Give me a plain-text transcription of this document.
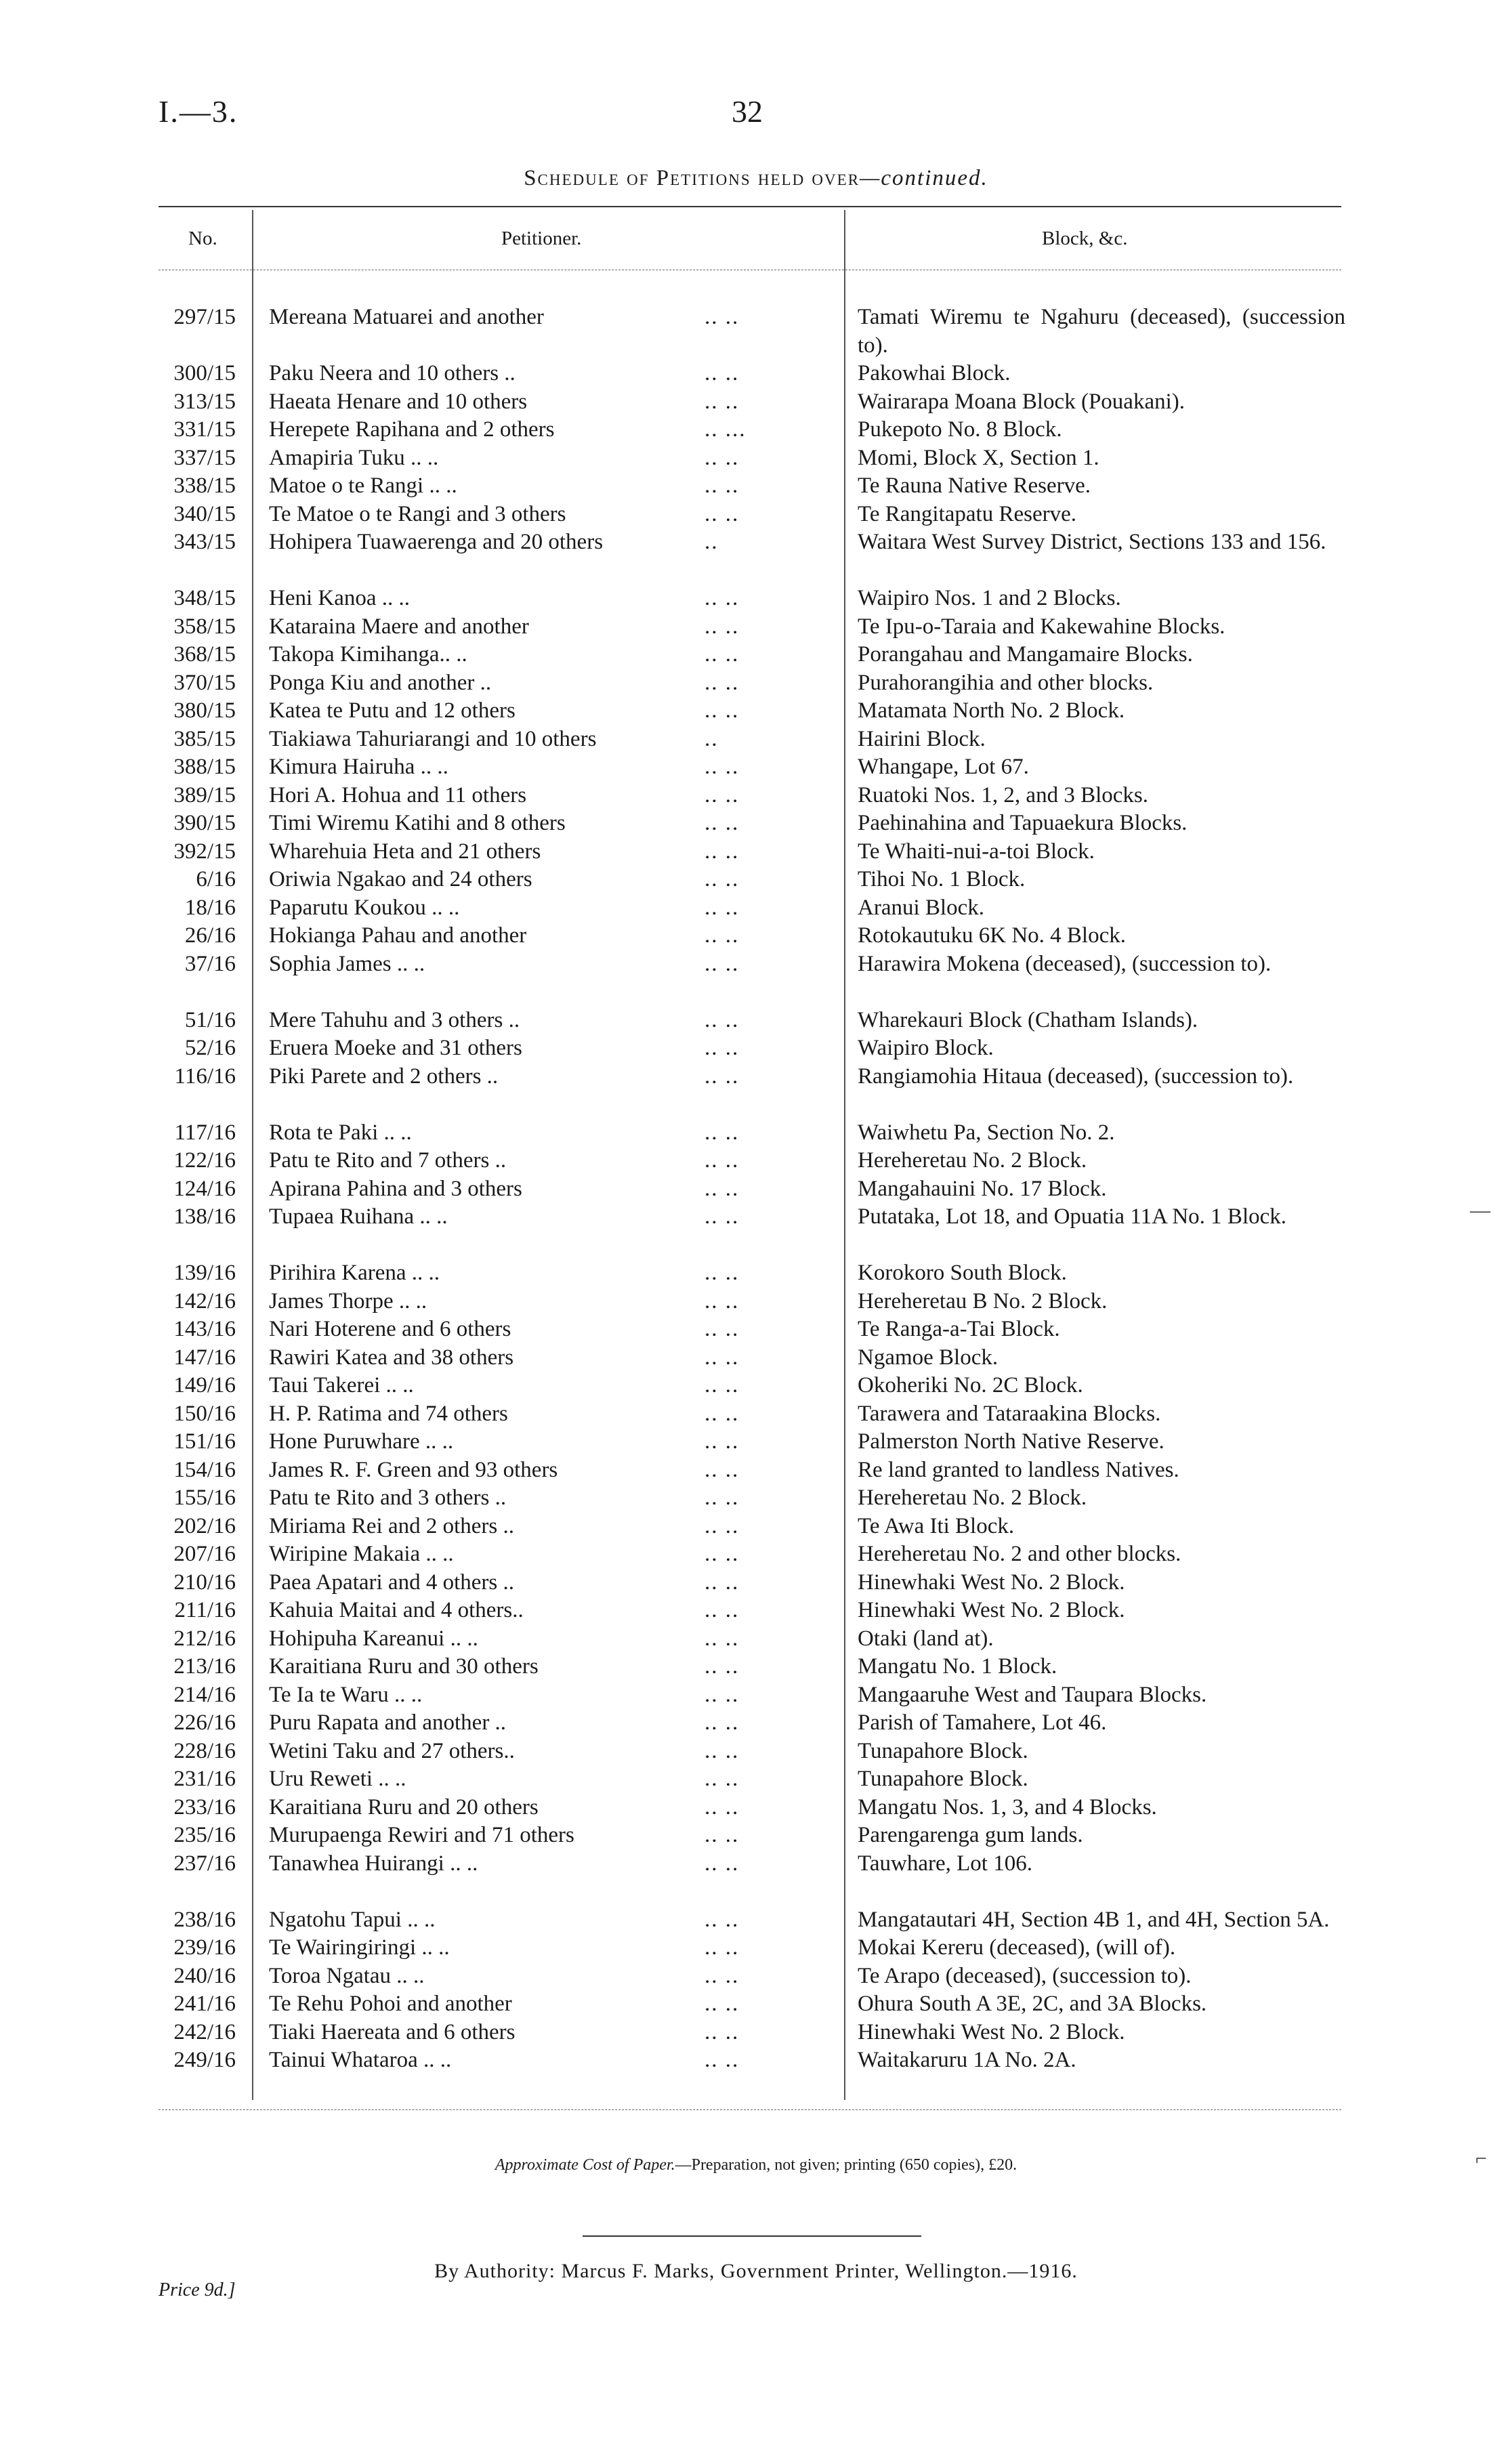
I.—3.	32
Schedule of Petitions held over—continued.
No.	Petitioner.	Block, &c.
297/15 Mereana Matuarei and another	.. ..	Tamati Wiremu te Ngahuru (deceased), (succession to).
300/15 Paku Neera and 10 others ..	.. ..	Pakowhai Block.
313/15 Haeata Henare and 10 others	.. ..	Wairarapa Moana Block (Pouakani).
331/15 Herepete Rapihana and 2 others	.. ...	Pukepoto No. 8 Block.
337/15 Amapiria Tuku .. ..	.. ..	Momi, Block X, Section 1.
338/15 Matoe o te Rangi .. ..	.. ..	Te Rauna Native Reserve.
340/15 Te Matoe o te Rangi and 3 others	.. ..	Te Rangitapatu Reserve.
343/15 Hohipera Tuawaerenga and 20 others	..	Waitara West Survey District, Sections 133 and 156.
348/15 Heni Kanoa .. ..	.. ..	Waipiro Nos. 1 and 2 Blocks.
358/15 Kataraina Maere and another	.. ..	Te Ipu-o-Taraia and Kakewahine Blocks.
368/15 Takopa Kimihanga.. ..	.. ..	Porangahau and Mangamaire Blocks.
370/15 Ponga Kiu and another ..	.. ..	Purahorangihia and other blocks.
380/15 Katea te Putu and 12 others	.. ..	Matamata North No. 2 Block.
385/15 Tiakiawa Tahuriarangi and 10 others	..	Hairini Block.
388/15 Kimura Hairuha .. ..	.. ..	Whangape, Lot 67.
389/15 Hori A. Hohua and 11 others	.. ..	Ruatoki Nos. 1, 2, and 3 Blocks.
390/15 Timi Wiremu Katihi and 8 others	.. ..	Paehinahina and Tapuaekura Blocks.
392/15 Wharehuia Heta and 21 others	.. ..	Te Whaiti-nui-a-toi Block.
6/16 Oriwia Ngakao and 24 others	.. ..	Tihoi No. 1 Block.
18/16 Paparutu Koukou .. ..	.. ..	Aranui Block.
26/16 Hokianga Pahau and another	.. ..	Rotokautuku 6K No. 4 Block.
37/16 Sophia James .. ..	.. ..	Harawira Mokena (deceased), (succession to).
51/16 Mere Tahuhu and 3 others ..	.. ..	Wharekauri Block (Chatham Islands).
52/16 Eruera Moeke and 31 others	.. ..	Waipiro Block.
116/16 Piki Parete and 2 others ..	.. ..	Rangiamohia Hitaua (deceased), (succession to).
117/16 Rota te Paki .. ..	.. ..	Waiwhetu Pa, Section No. 2.
122/16 Patu te Rito and 7 others ..	.. ..	Hereheretau No. 2 Block.
124/16 Apirana Pahina and 3 others	.. ..	Mangahauini No. 17 Block.
138/16 Tupaea Ruihana .. ..	.. ..	Putataka, Lot 18, and Opuatia 11A No. 1 Block.
139/16 Pirihira Karena .. ..	.. ..	Korokoro South Block.
142/16 James Thorpe .. ..	.. ..	Hereheretau B No. 2 Block.
143/16 Nari Hoterene and 6 others	.. ..	Te Ranga-a-Tai Block.
147/16 Rawiri Katea and 38 others	.. ..	Ngamoe Block.
149/16 Taui Takerei .. ..	.. ..	Okoheriki No. 2C Block.
150/16 H. P. Ratima and 74 others	.. ..	Tarawera and Tataraakina Blocks.
151/16 Hone Puruwhare .. ..	.. ..	Palmerston North Native Reserve.
154/16 James R. F. Green and 93 others	.. ..	Re land granted to landless Natives.
155/16 Patu te Rito and 3 others ..	.. ..	Hereheretau No. 2 Block.
202/16 Miriama Rei and 2 others ..	.. ..	Te Awa Iti Block.
207/16 Wiripine Makaia .. ..	.. ..	Hereheretau No. 2 and other blocks.
210/16 Paea Apatari and 4 others ..	.. ..	Hinewhaki West No. 2 Block.
211/16 Kahuia Maitai and 4 others..	.. ..	Hinewhaki West No. 2 Block.
212/16 Hohipuha Kareanui .. ..	.. ..	Otaki (land at).
213/16 Karaitiana Ruru and 30 others	.. ..	Mangatu No. 1 Block.
214/16 Te Ia te Waru .. ..	.. ..	Mangaaruhe West and Taupara Blocks.
226/16 Puru Rapata and another ..	.. ..	Parish of Tamahere, Lot 46.
228/16 Wetini Taku and 27 others..	.. ..	Tunapahore Block.
231/16 Uru Reweti .. ..	.. ..	Tunapahore Block.
233/16 Karaitiana Ruru and 20 others	.. ..	Mangatu Nos. 1, 3, and 4 Blocks.
235/16 Murupaenga Rewiri and 71 others	.. ..	Parengarenga gum lands.
237/16 Tanawhea Huirangi .. ..	.. ..	Tauwhare, Lot 106.
238/16 Ngatohu Tapui .. ..	.. ..	Mangatautari 4H, Section 4B 1, and 4H, Section 5A.
239/16 Te Wairingiringi .. ..	.. ..	Mokai Kereru (deceased), (will of).
240/16 Toroa Ngatau .. ..	.. ..	Te Arapo (deceased), (succession to).
241/16 Te Rehu Pohoi and another	.. ..	Ohura South A 3E, 2C, and 3A Blocks.
242/16 Tiaki Haereata and 6 others	.. ..	Hinewhaki West No. 2 Block.
249/16 Tainui Whataroa .. ..	.. ..	Waitakaruru 1A No. 2A.
Approximate Cost of Paper.—Preparation, not given; printing (650 copies), £20.
By Authority: Marcus F. Marks, Government Printer, Wellington.—1916.
Price 9d.]
—
⌐
